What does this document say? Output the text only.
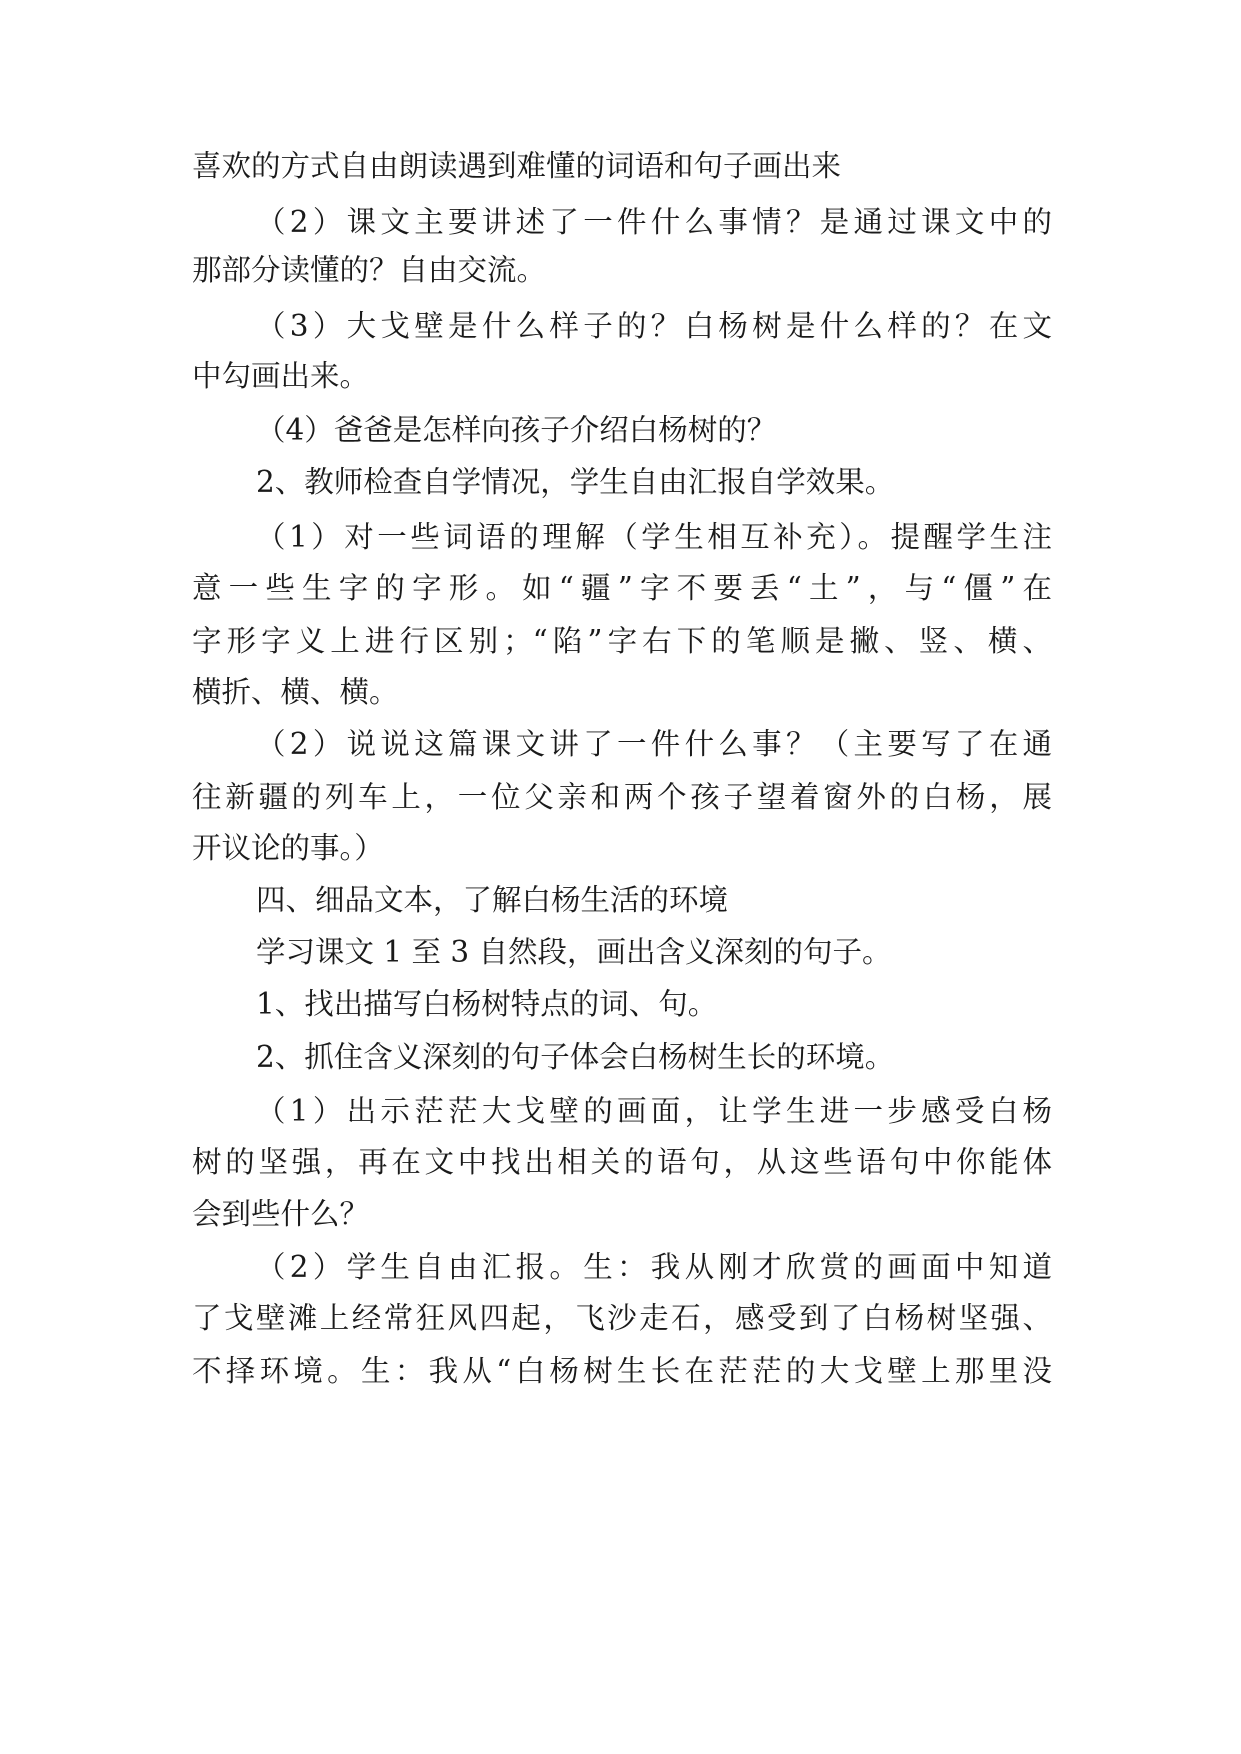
喜欢的方式自由朗读遇到难懂的词语和句子画出来
（2）课文主要讲述了一件什么事情？是通过课文中的
那部分读懂的？自由交流。
（3）大戈壁是什么样子的？白杨树是什么样的？在文
中勾画出来。
（4）爸爸是怎样向孩子介绍白杨树的？
2、教师检查自学情况，学生自由汇报自学效果。
（1）对一些词语的理解（学生相互补充）。提醒学生注
意一些生字的字形。如“疆”字不要丢“土”，与“僵”在
字形字义上进行区别；“陷”字右下的笔顺是撇、竖、横、
横折、横、横。
（2）说说这篇课文讲了一件什么事？（主要写了在通
往新疆的列车上，一位父亲和两个孩子望着窗外的白杨，展
开议论的事。）
四、细品文本，了解白杨生活的环境
学习课文 1 至 3 自然段，画出含义深刻的句子。
1、找出描写白杨树特点的词、句。
2、抓住含义深刻的句子体会白杨树生长的环境。
（1）出示茫茫大戈壁的画面，让学生进一步感受白杨
树的坚强，再在文中找出相关的语句，从这些语句中你能体
会到些什么？
（2）学生自由汇报。生：我从刚才欣赏的画面中知道
了戈壁滩上经常狂风四起，飞沙走石，感受到了白杨树坚强、
不择环境。生：我从“白杨树生长在茫茫的大戈壁上那里没
